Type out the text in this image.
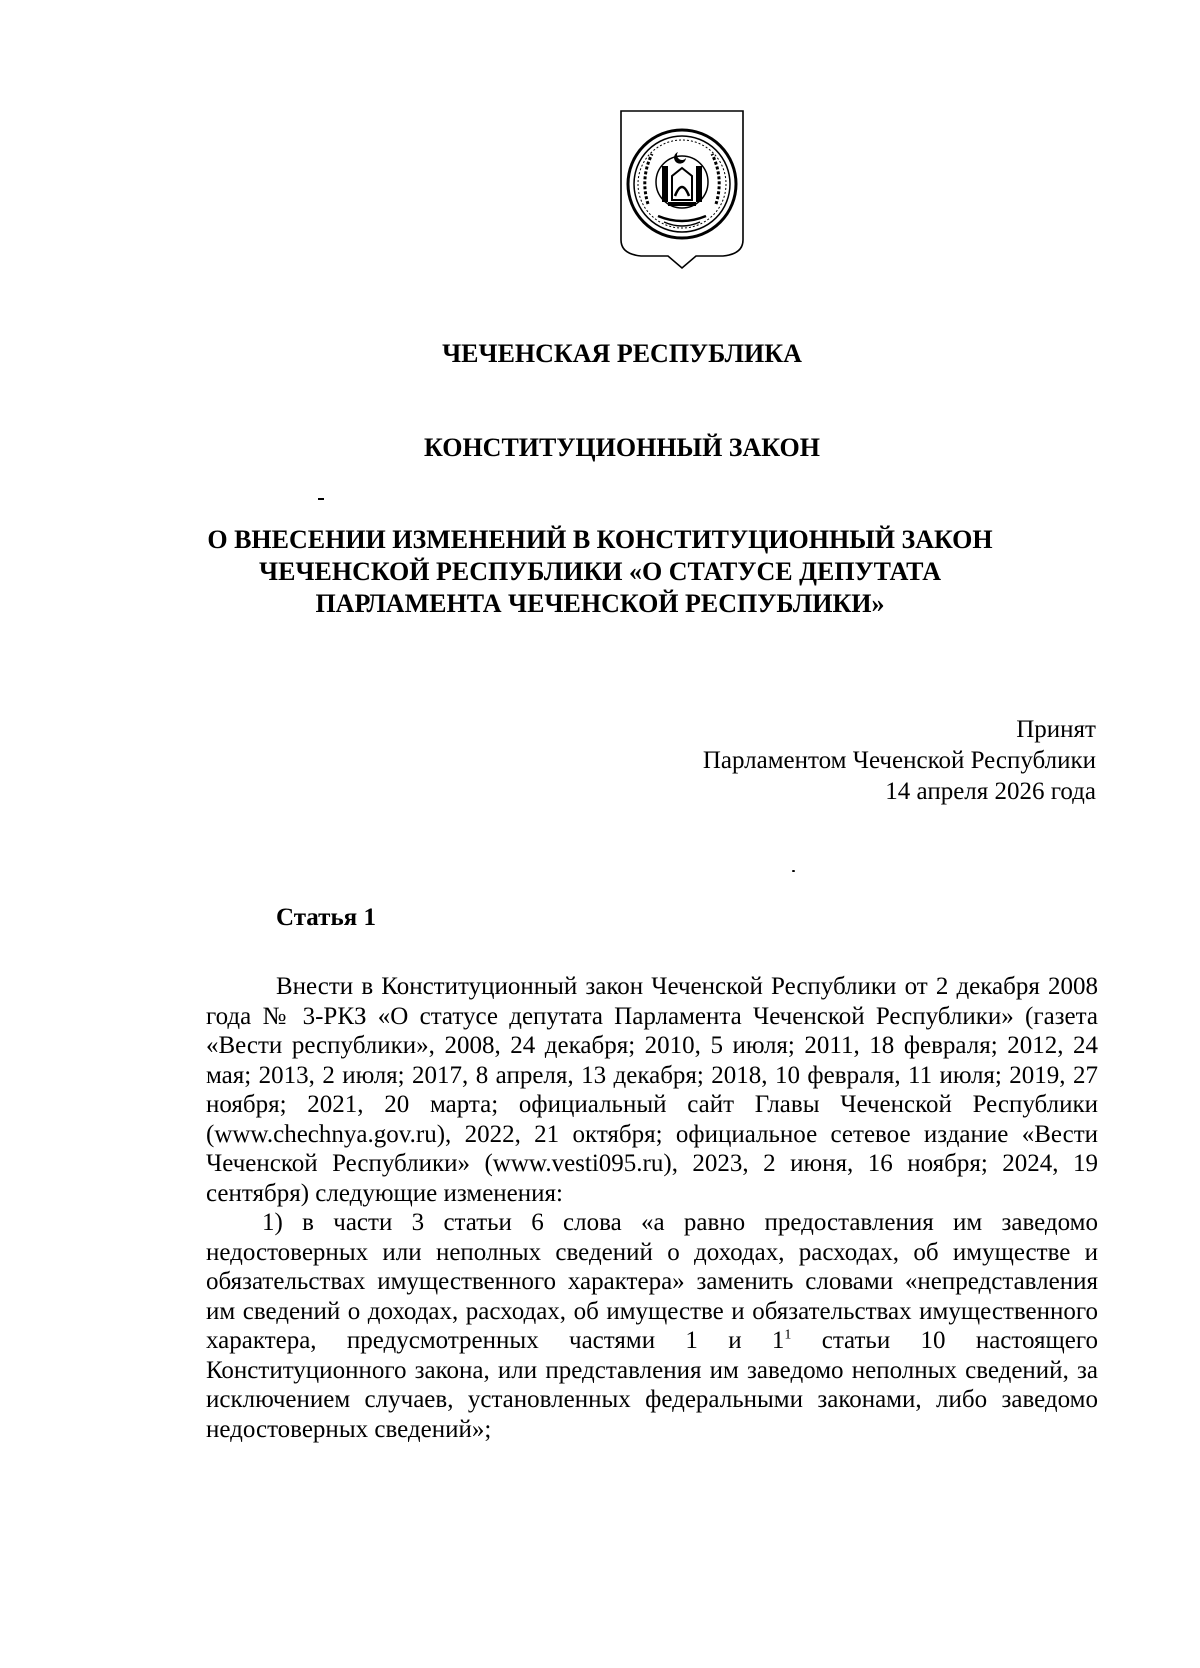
ЧЕЧЕНСКАЯ РЕСПУБЛИКА
КОНСТИТУЦИОННЫЙ ЗАКОН
О ВНЕСЕНИИ ИЗМЕНЕНИЙ В КОНСТИТУЦИОННЫЙ ЗАКОН
ЧЕЧЕНСКОЙ РЕСПУБЛИКИ «О СТАТУСЕ ДЕПУТАТА
ПАРЛАМЕНТА ЧЕЧЕНСКОЙ РЕСПУБЛИКИ»
Принят
Парламентом Чеченской Республики
14 апреля 2026 года
Статья 1

Внести в Конституционный закон Чеченской Республики от 2 декабря 2008 года № 3-РКЗ «О статусе депутата Парламента Чеченской Республики» (газета «Вести республики», 2008, 24 декабря; 2010, 5 июля; 2011, 18 февраля; 2012, 24 мая; 2013, 2 июля; 2017, 8 апреля, 13 декабря; 2018, 10 февраля, 11 июля; 2019, 27 ноября; 2021, 20 марта; официальный сайт Главы Чеченской Республики (www.chechnya.gov.ru), 2022, 21 октября; официальное сетевое издание «Вести Чеченской Республики» (www.vesti095.ru), 2023, 2 июня, 16 ноября; 2024, 19 сентября) следующие изменения:

1) в части 3 статьи 6 слова «а равно предоставления им заведомо недостоверных или неполных сведений о доходах, расходах, об имуществе и обязательствах имущественного характера» заменить словами «непредставления им сведений о доходах, расходах, об имуществе и обязательствах имущественного характера, предусмотренных частями 1 и $1^1$ статьи 10 настоящего Конституционного закона, или представления им заведомо неполных сведений, за исключением случаев, установленных федеральными законами, либо заведомо недостоверных сведений»;
